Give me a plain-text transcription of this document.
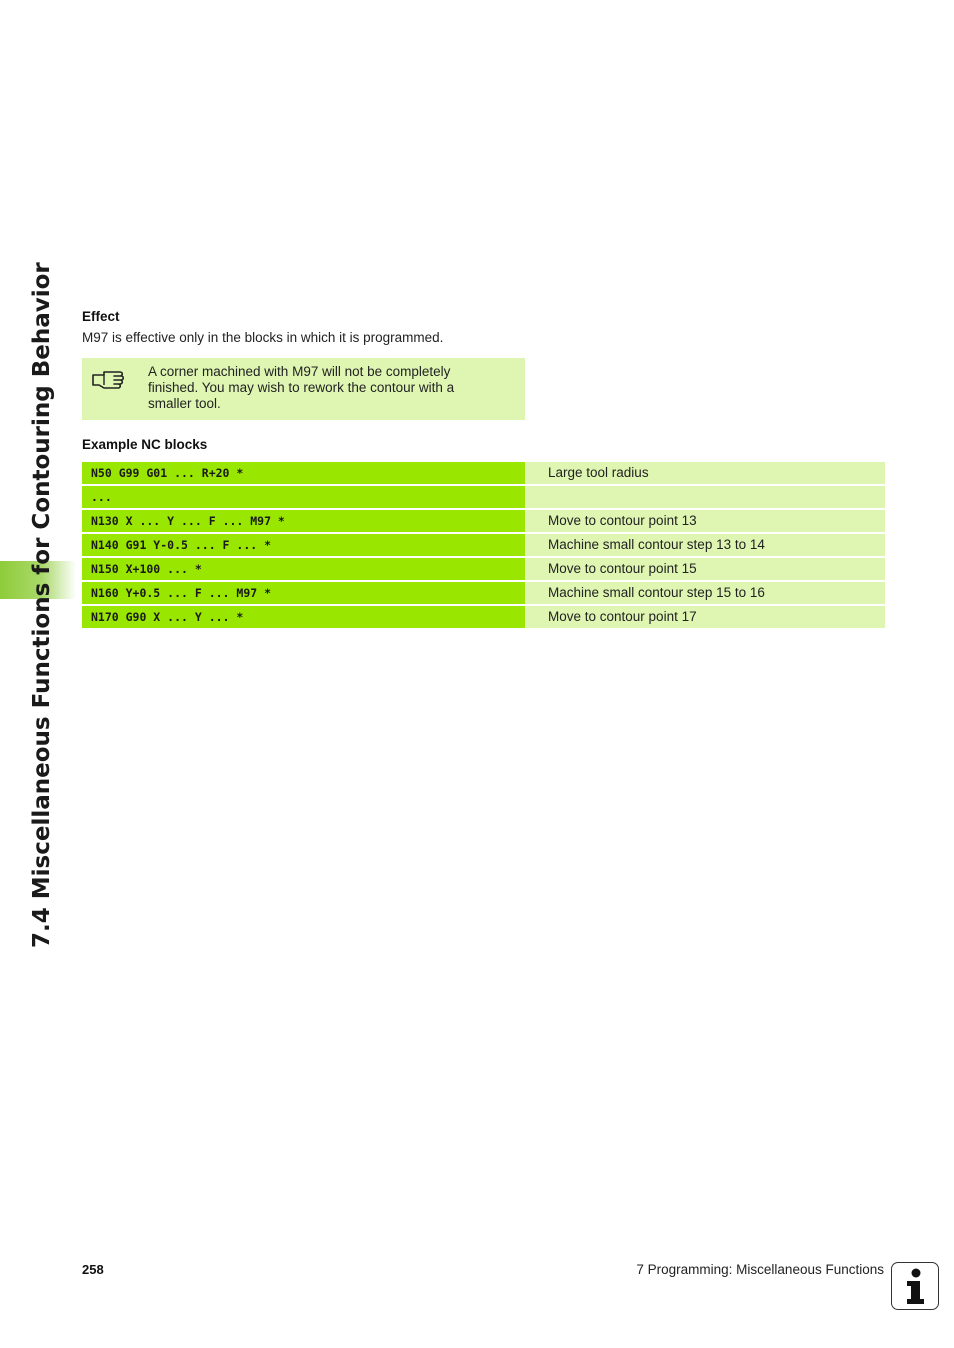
7.4 Miscellaneous Functions for Contouring Behavior Effect
M97 is effective only in the blocks in which it is programmed.
A corner machined with M97 will not be completely
finished. You may wish to rework the contour with a
smaller tool.
Example NC blocks
N50 G99 G01 ... R+20 *	Large tool radius
...
N130 X ... Y ... F ... M97 *	Move to contour point 13
N140 G91 Y-0.5 ... F ... *	Machine small contour step 13 to 14
N150 X+100 ... *	Move to contour point 15
N160 Y+0.5 ... F ... M97 *	Machine small contour step 15 to 16
N170 G90 X ... Y ... *	Move to contour point 17
258	7 Programming: Miscellaneous Functions
